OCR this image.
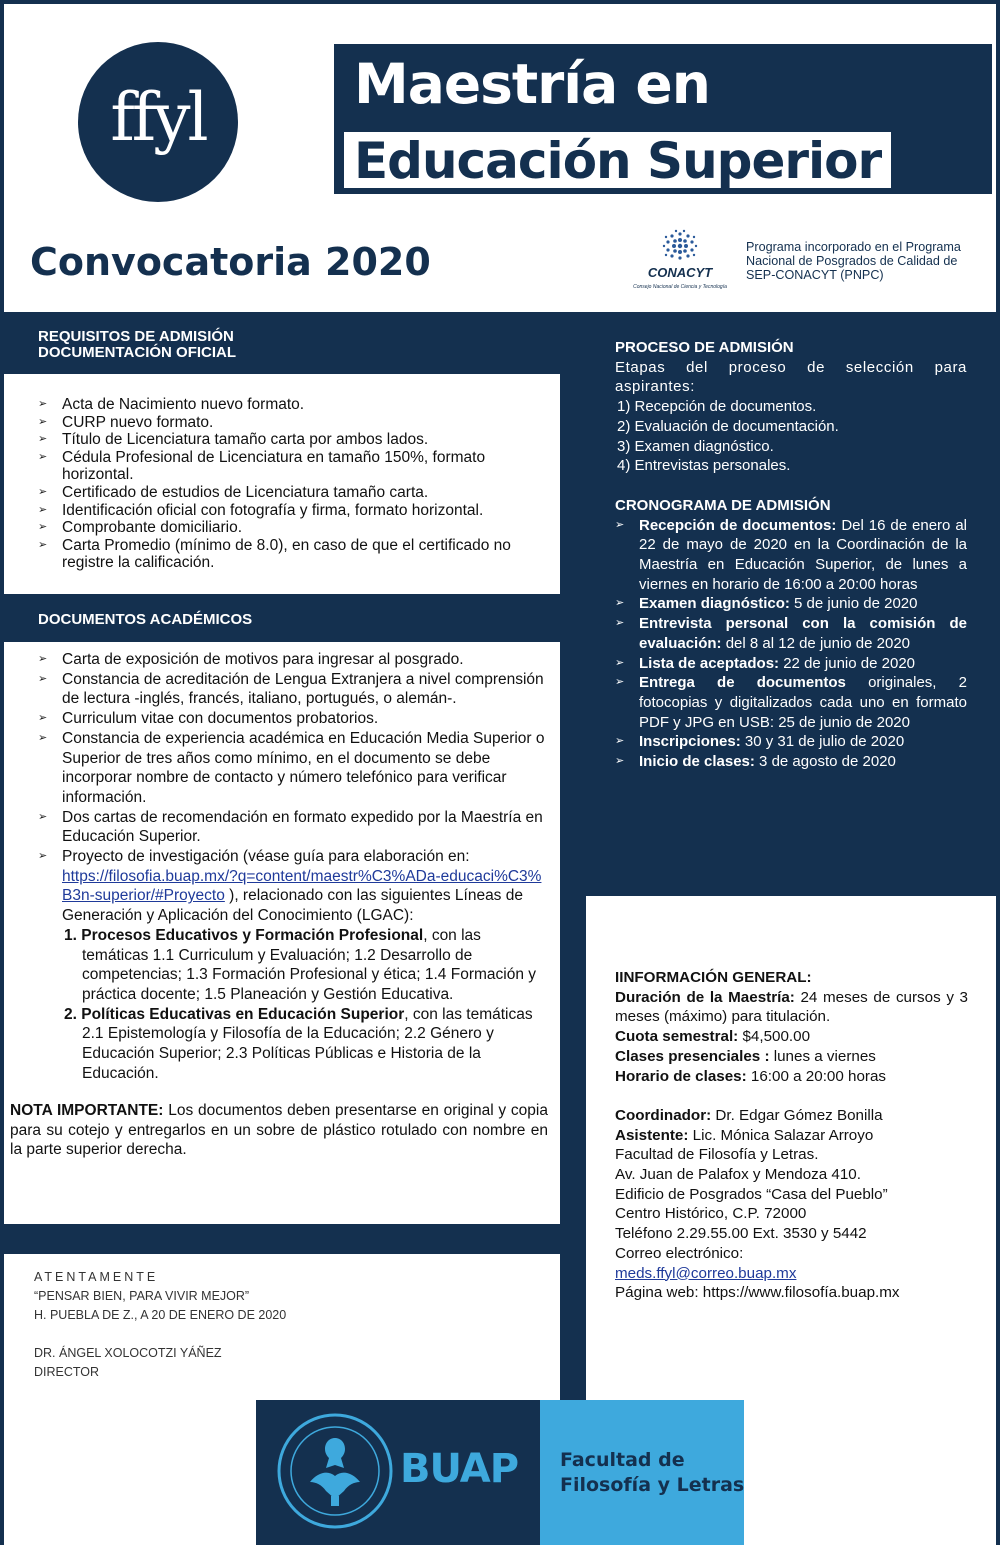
ffyl	Maestría en
Educación Superior
Convocatoria 2020	CONACYT
Consejo Nacional de Ciencia y Tecnología
Programa incorporado en el Programa Nacional de Posgrados de Calidad de SEP-CONACYT (PNPC)
REQUISITOS DE ADMISIÓN
DOCUMENTACIÓN OFICIAL
➢ Acta de Nacimiento nuevo formato.
➢ CURP nuevo formato.
➢ Título de Licenciatura tamaño carta por ambos lados.
➢ Cédula Profesional de Licenciatura en tamaño 150%, formato horizontal.
➢ Certificado de estudios de Licenciatura tamaño carta.
➢ Identificación oficial con fotografía y firma, formato horizontal.
➢ Comprobante domiciliario.
➢ Carta Promedio (mínimo de 8.0), en caso de que el certificado no registre la calificación.
DOCUMENTOS ACADÉMICOS
➢ Carta de exposición de motivos para ingresar al posgrado.
➢ Constancia de acreditación de Lengua Extranjera a nivel comprensión de lectura -inglés, francés, italiano, portugués, o alemán-.
➢ Curriculum vitae con documentos probatorios.
➢ Constancia de experiencia académica en Educación Media Superior o Superior de tres años como mínimo, en el documento se debe incorporar nombre de contacto y número telefónico para verificar información.
➢ Dos cartas de recomendación en formato expedido por la Maestría en Educación Superior.
➢ Proyecto de investigación (véase guía para elaboración en:
https://filosofia.buap.mx/?q=content/maestr%C3%ADa-educaci%C3%B3n-superior/#Proyecto ), relacionado con las siguientes Líneas de Generación y Aplicación del Conocimiento (LGAC):
1. Procesos Educativos y Formación Profesional, con las temáticas 1.1 Curriculum y Evaluación; 1.2 Desarrollo de competencias; 1.3 Formación Profesional y ética; 1.4 Formación y práctica docente; 1.5 Planeación y Gestión Educativa.
2. Políticas Educativas en Educación Superior, con las temáticas 2.1 Epistemología y Filosofía de la Educación; 2.2 Género y Educación Superior; 2.3 Políticas Públicas e Historia de la Educación.

NOTA IMPORTANTE: Los documentos deben presentarse en original y copia para su cotejo y entregarlos en un sobre de plástico rotulado con nombre en la parte superior derecha.

ATENTAMENTE
“PENSAR BIEN, PARA VIVIR MEJOR”
H. PUEBLA DE Z., A 20 DE ENERO DE 2020
DR. ÁNGEL XOLOCOTZI YÁÑEZ
DIRECTOR
PROCESO DE ADMISIÓN
Etapas del proceso de selección para aspirantes:
1) Recepción de documentos.
2) Evaluación de documentación.
3) Examen diagnóstico.
4) Entrevistas personales.
CRONOGRAMA DE ADMISIÓN
➢ Recepción de documentos: Del 16 de enero al 22 de mayo de 2020 en la Coordinación de la Maestría en Educación Superior, de lunes a viernes en horario de 16:00 a 20:00 horas
➢ Examen diagnóstico: 5 de junio de 2020
➢ Entrevista personal con la comisión de evaluación: del 8 al 12 de junio de 2020
➢ Lista de aceptados: 22 de junio de 2020
➢ Entrega de documentos originales, 2 fotocopias y digitalizados cada uno en formato PDF y JPG en USB: 25 de junio de 2020
➢ Inscripciones: 30 y 31 de julio de 2020
➢ Inicio de clases: 3 de agosto de 2020
IINFORMACIÓN GENERAL:
Duración de la Maestría: 24 meses de cursos y 3 meses (máximo) para titulación.
Cuota semestral: $4,500.00
Clases presenciales : lunes a viernes
Horario de clases: 16:00 a 20:00 horas
Coordinador: Dr. Edgar Gómez Bonilla
Asistente: Lic. Mónica Salazar Arroyo
Facultad de Filosofía y Letras.
Av. Juan de Palafox y Mendoza 410.
Edificio de Posgrados “Casa del Pueblo”
Centro Histórico, C.P. 72000
Teléfono 2.29.55.00 Ext. 3530 y 5442
Correo electrónico:
meds.ffyl@correo.buap.mx
Página web: https://www.filosofía.buap.mx
BUAP Facultad de
Filosofía y Letras
